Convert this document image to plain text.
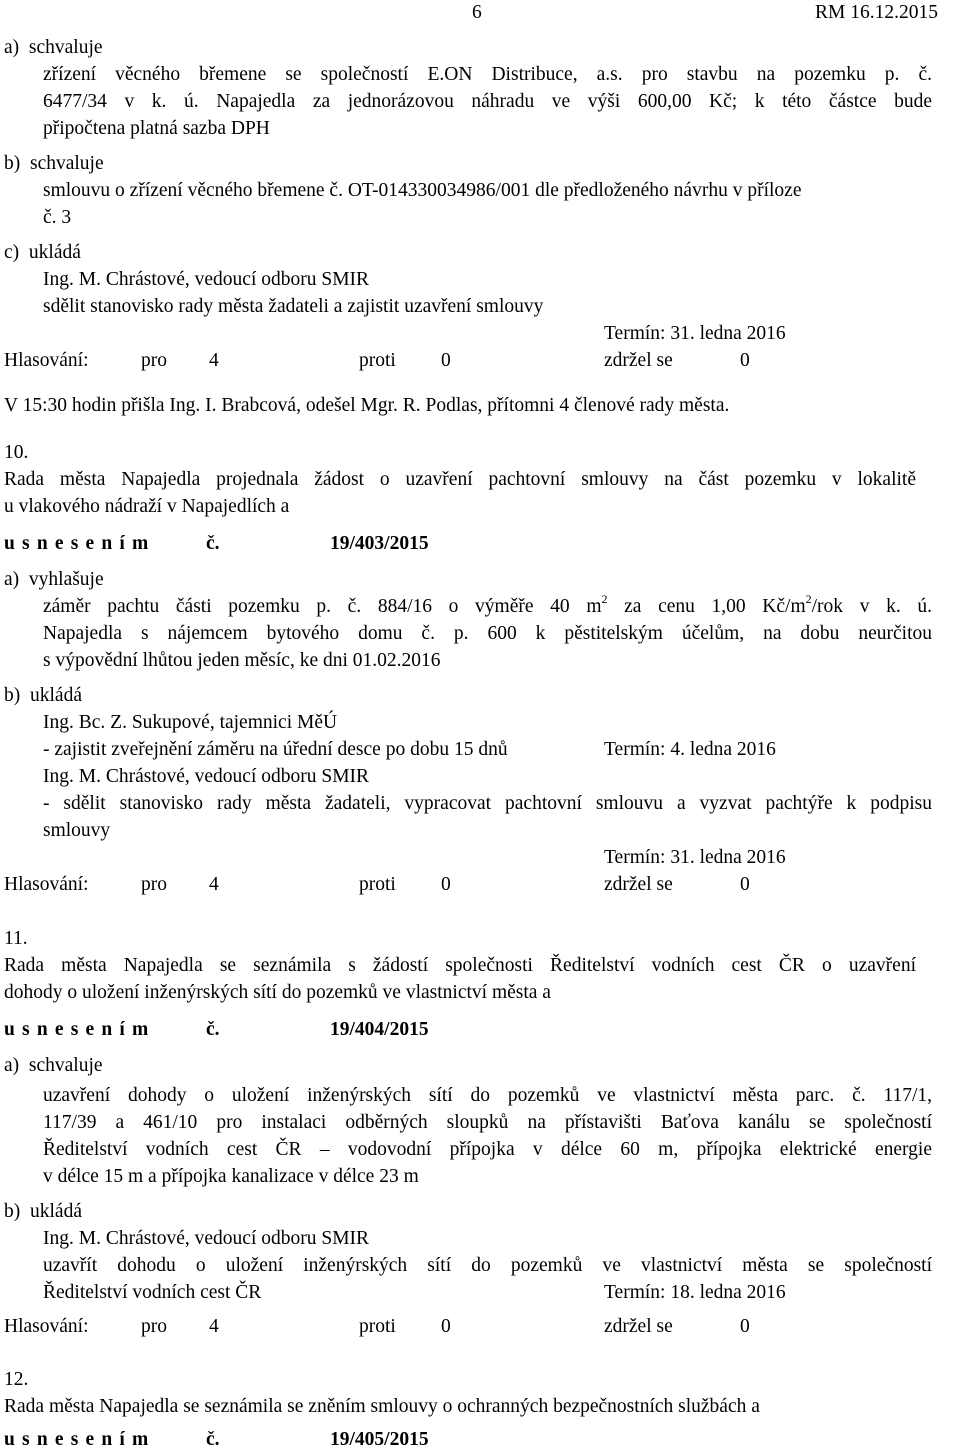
6	RM 16.12.2015
a)  schvaluje
zřízení věcného břemene se společností E.ON Distribuce, a.s. pro stavbu na pozemku p. č.
6477/34 v k. ú. Napajedla za jednorázovou náhradu ve výši 600,00 Kč; k této částce bude
připočtena platná sazba DPH
b)  schvaluje
smlouvu o zřízení věcného břemene č. OT-014330034986/001 dle předloženého návrhu v příloze
č. 3
c)  ukládá
Ing. M. Chrástové, vedoucí odboru SMIR
sdělit stanovisko rady města žadateli a zajistit uzavření smlouvy
Termín: 31. ledna 2016
Hlasování:	pro 4	proti 0	zdržel se	0
V 15:30 hodin přišla Ing. I. Brabcová, odešel Mgr. R. Podlas, přítomni 4 členové rady města.
10.
Rada města Napajedla projednala žádost o uzavření pachtovní smlouvy na část pozemku v lokalitě
u vlakového nádraží v Napajedlích a
usnesením	č.	19/403/2015
a)  vyhlašuje
záměr pachtu části pozemku p. č. 884/16 o výměře 40 $m^2$ za cenu 1,00 $Kč/m^2$/rok v k. ú.
Napajedla s nájemcem bytového domu č. p. 600 k pěstitelským účelům, na dobu neurčitou
s výpovědní lhůtou jeden měsíc, ke dni 01.02.2016
b)  ukládá
Ing. Bc. Z. Sukupové, tajemnici MěÚ
- zajistit zveřejnění záměru na úřední desce po dobu 15 dnů	Termín: 4. ledna 2016
Ing. M. Chrástové, vedoucí odboru SMIR
- sdělit stanovisko rady města žadateli, vypracovat pachtovní smlouvu a vyzvat pachtýře k podpisu
smlouvy
Termín: 31. ledna 2016
Hlasování:	pro 4	proti 0	zdržel se	0
11.
Rada města Napajedla se seznámila s žádostí společnosti Ředitelství vodních cest ČR o uzavření
dohody o uložení inženýrských sítí do pozemků ve vlastnictví města a
usnesením	č.	19/404/2015
a)  schvaluje
uzavření dohody o uložení inženýrských sítí do pozemků ve vlastnictví města parc. č. 117/1,
117/39 a 461/10 pro instalaci odběrných sloupků na přístavišti Baťova kanálu se společností
Ředitelství vodních cest ČR – vodovodní přípojka v délce 60 m, přípojka elektrické energie
v délce 15 m a přípojka kanalizace v délce 23 m
b)  ukládá
Ing. M. Chrástové, vedoucí odboru SMIR
uzavřít dohodu o uložení inženýrských sítí do pozemků ve vlastnictví města se společností
Ředitelství vodních cest ČR	Termín: 18. ledna 2016
Hlasování:	pro 4	proti 0	zdržel se	0
12.
Rada města Napajedla se seznámila se zněním smlouvy o ochranných bezpečnostních službách a
usnesením	č.	19/405/2015
